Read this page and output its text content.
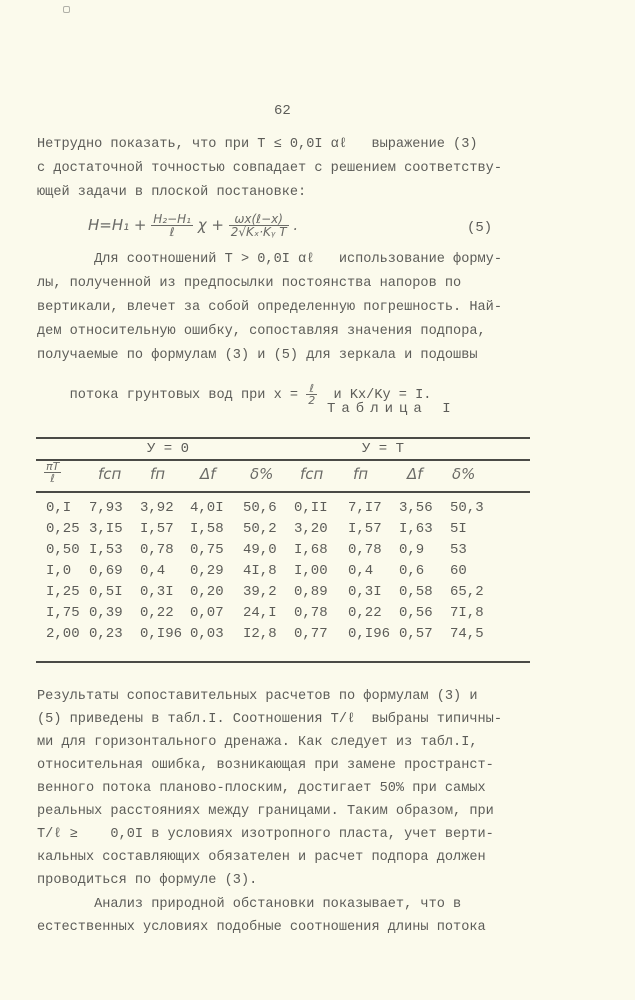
62
Нетрудно показать, что при Т ≤ 0,0I αℓ   выражение (3)
с достаточной точностью совпадает с решением соответству-
ющей задачи в плоской постановке:
$H=H_1 + \frac{\text{H₂−H₁}}{\text{ℓ}}$ $\chi + \frac{\text{ωx(ℓ−x)}}{\text{2√Kₓ·Kᵧ T}}$ .	(5)
Для соотношений Т > 0,0I αℓ   использование форму-
лы, полученной из предпосылки постоянства напоров по
вертикали, влечет за собой определенную погрешность. Най-
дем относительную ошибку, сопоставляя значения подпора,
получаемые по формулам (3) и (5) для зеркала и подошвы

потока грунтовых вод при $x = \frac{\text{ℓ}}{2}$ и Kx/Ky = I.

Таблица I
У = 0	У = Т
$\frac{\pi T}{\text{ℓ}}$ fсп fп Δf δ% fсп fп	Δf δ%
0,I 7,93 3,92 4,0I 50,6 0,II 7,I7 3,56 50,3
0,25 3,I5 I,57 I,58 50,2 3,20 I,57 I,63 5I
0,50 I,53 0,78 0,75 49,0 I,68 0,78 0,9 53
I,0 0,69 0,4 0,29 4I,8 I,00 0,4 0,6 60
I,25 0,5I 0,3I 0,20 39,2 0,89 0,3I 0,58 65,2
I,75 0,39 0,22 0,07 24,I 0,78 0,22 0,56 7I,8
2,00 0,23 0,I96 0,03 I2,8 0,77 0,I96 0,57 74,5
Результаты сопоставительных расчетов по формулам (3) и
(5) приведены в табл.I. Соотношения T/ℓ  выбраны типичны-
ми для горизонтального дренажа. Как следует из табл.I,
относительная ошибка, возникающая при замене пространст-
венного потока планово-плоским, достигает 50% при самых
реальных расстояниях между границами. Таким образом, при
T/ℓ ≥    0,0I в условиях изотропного пласта, учет верти-
кальных составляющих обязателен и расчет подпора должен
проводиться по формуле (3).
Анализ природной обстановки показывает, что в
естественных условиях подобные соотношения длины потока
